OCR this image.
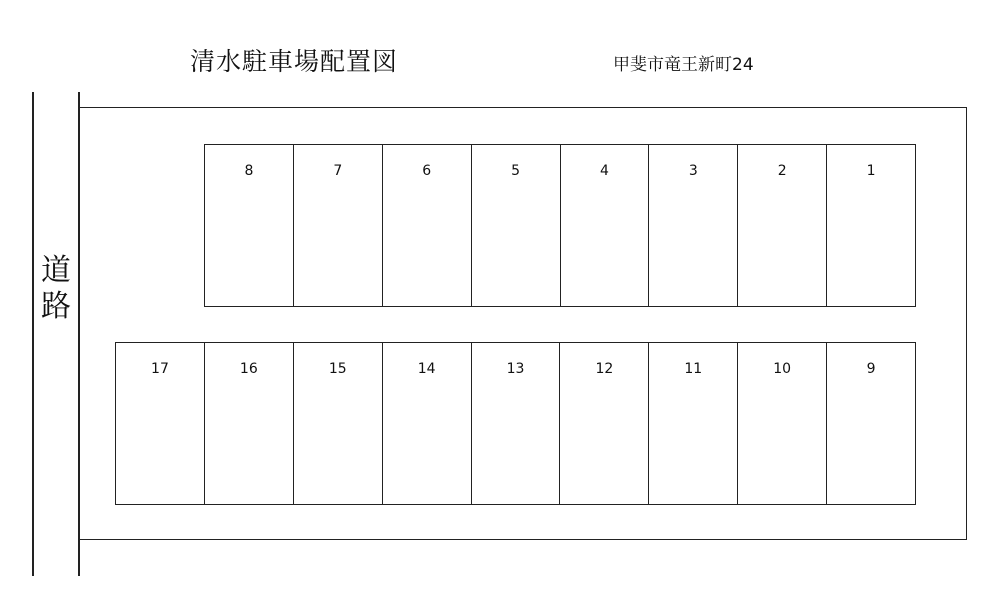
清水駐車場配置図	甲斐市竜王新町24
道
路
8	7	6	5	4	3	2	1
17	16	15	14	13	12	11	10	9
